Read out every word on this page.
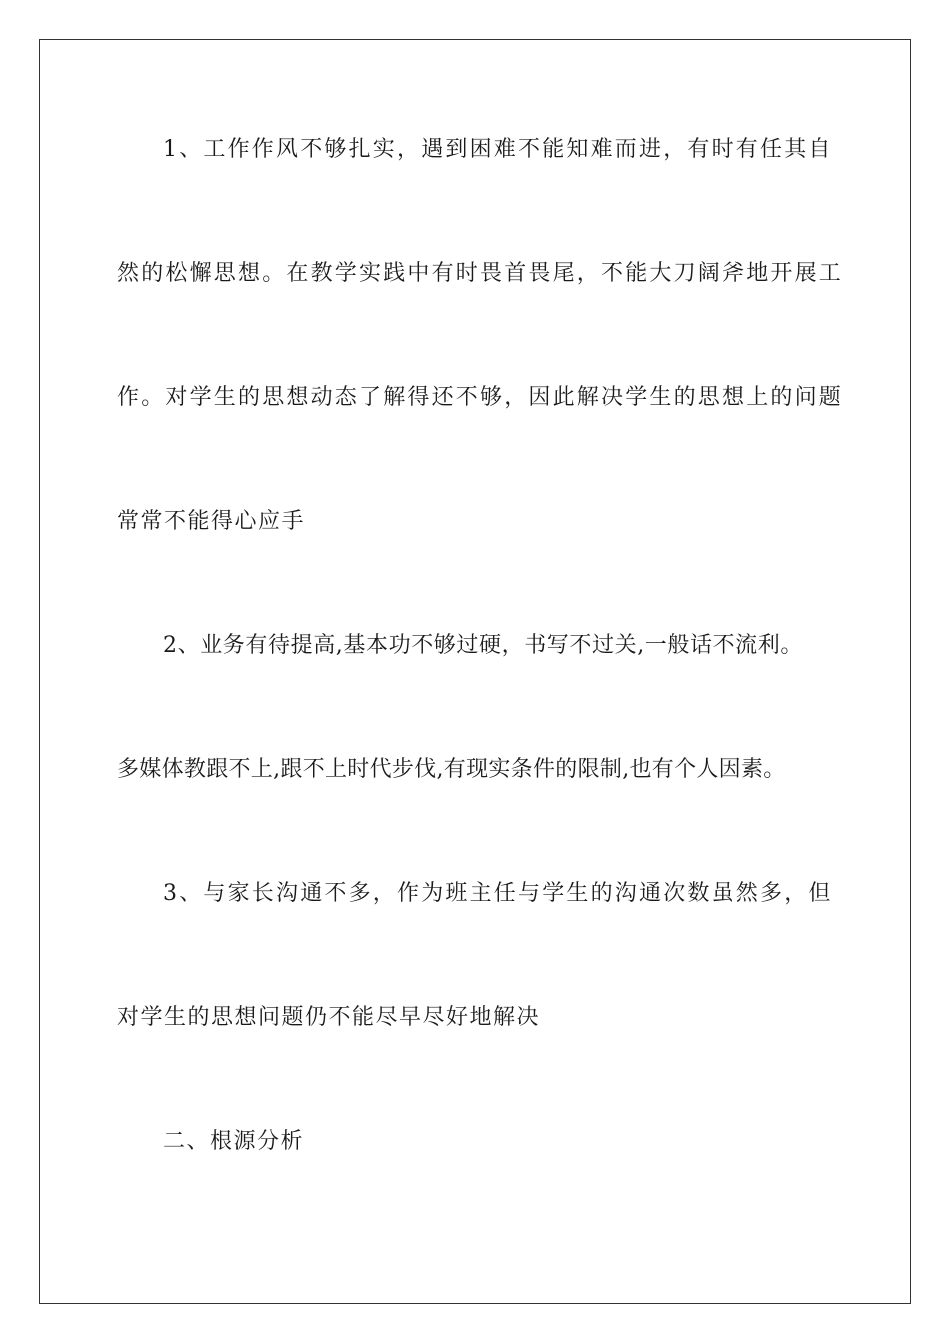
1、工作作风不够扎实，遇到困难不能知难而进，有时有任其自
然的松懈思想。在教学实践中有时畏首畏尾，不能大刀阔斧地开展工
作。对学生的思想动态了解得还不够，因此解决学生的思想上的问题
常常不能得心应手
2、业务有待提高,基本功不够过硬，书写不过关,一般话不流利。
多媒体教跟不上,跟不上时代步伐,有现实条件的限制,也有个人因素。
3、与家长沟通不多，作为班主任与学生的沟通次数虽然多，但
对学生的思想问题仍不能尽早尽好地解决
二、根源分析
